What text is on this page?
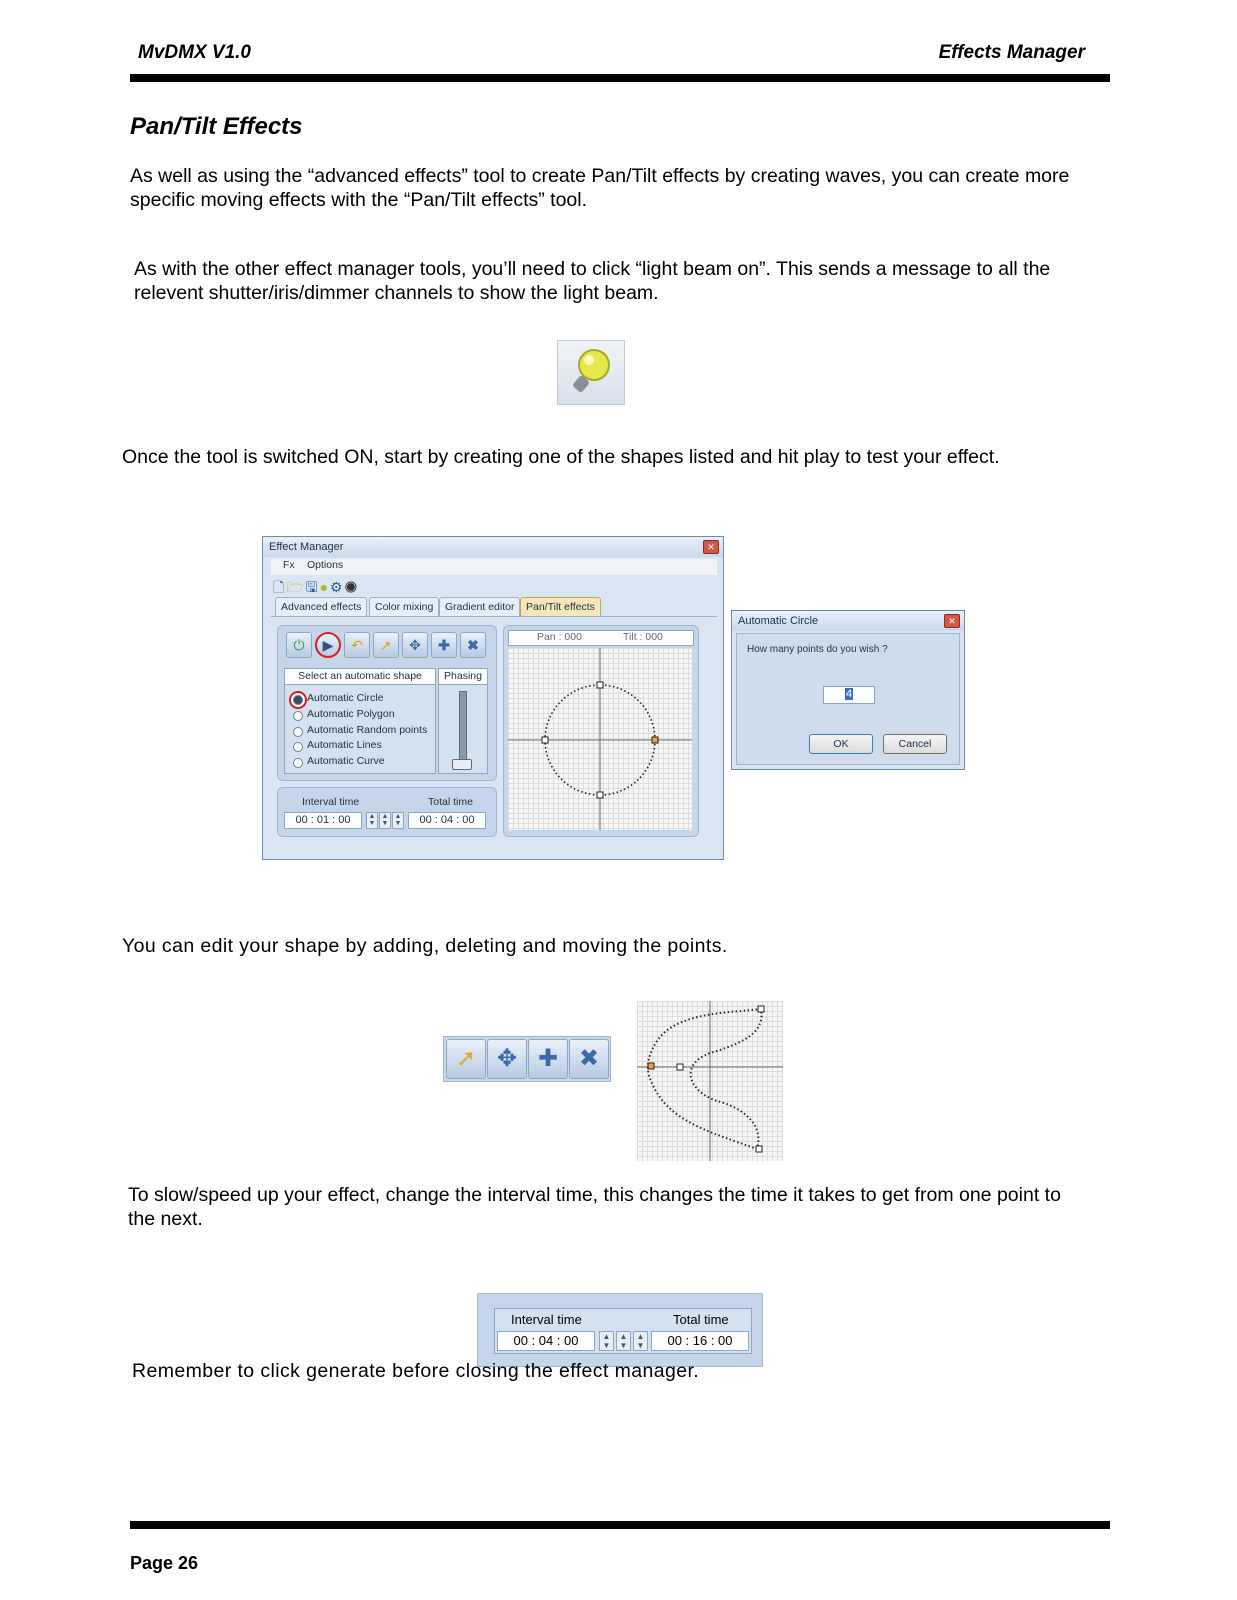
MvDMX V1.0	Effects Manager
Pan/Tilt Effects
As well as using the “advanced effects” tool to create Pan/Tilt effects by creating waves, you can create more specific moving effects with the “Pan/Tilt effects” tool.
As with the other effect manager tools, you’ll need to click “light beam on”. This sends a message to all the relevent shutter/iris/dimmer channels to show the light beam.
Once the tool is switched ON, start by creating one of the shapes listed and hit play to test your effect.
Effect Manager	✕
Fx Options
🗋🗁🖫●⚙◉
Advanced effects	Color mixing	Gradient editor	Pan/Tilt effects
⏻	▶	↶	➚	✥	✚	✖
Select an automatic shape
Automatic Circle
Automatic Polygon
Automatic Random points
Automatic Lines
Automatic Curve
Phasing
Interval time	Total time
00 : 01 : 00	▲
▼
▲
▼
▲
▼	00 : 04 : 00
Pan : 000	Tilt : 000
Automatic Circle	✕
How many points do you wish ?
4
OK	Cancel
You can edit your shape by adding, deleting and moving the points.
➚ ✥ ✚ ✖
To slow/speed up your effect, change the interval time, this changes the time it takes to get from one point to the next.
Interval time	Total time
00 : 04 : 00	▲
▼
▲
▼
▲
▼	00 : 16 : 00
Remember to click generate before closing the effect manager.
Page 26
